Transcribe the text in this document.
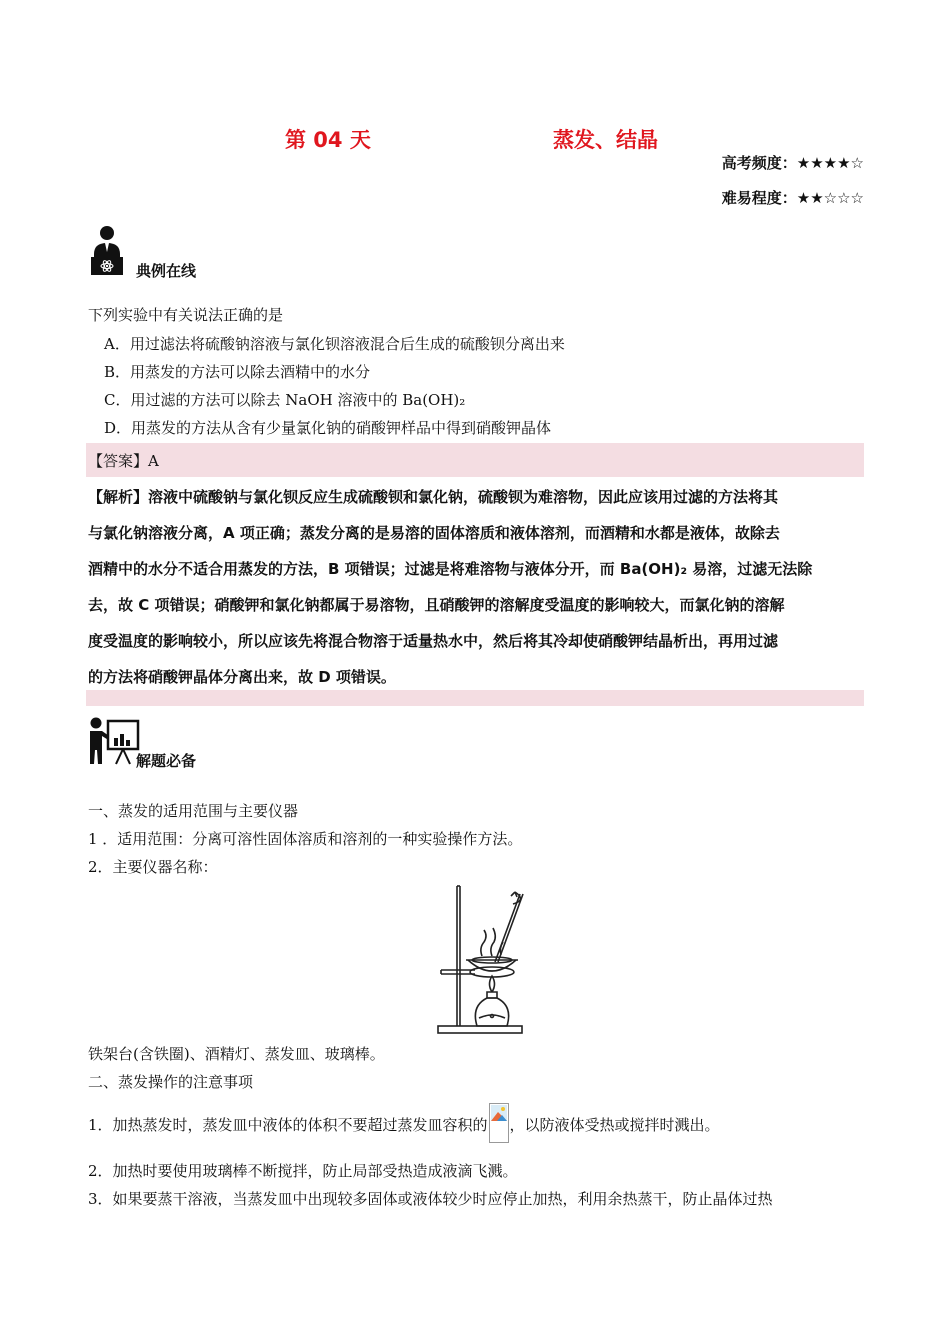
第 04 天	蒸发、结晶
高考频度：★★★★☆
难易程度：★★☆☆☆
典例在线
下列实验中有关说法正确的是
A．用过滤法将硫酸钠溶液与氯化钡溶液混合后生成的硫酸钡分离出来
B．用蒸发的方法可以除去酒精中的水分
C．用过滤的方法可以除去 NaOH 溶液中的 Ba(OH)₂
D．用蒸发的方法从含有少量氯化钠的硝酸钾样品中得到硝酸钾晶体
【答案】A

【解析】溶液中硫酸钠与氯化钡反应生成硫酸钡和氯化钠，硫酸钡为难溶物，因此应该用过滤的方法将其

与氯化钠溶液分离，A 项正确；蒸发分离的是易溶的固体溶质和液体溶剂，而酒精和水都是液体，故除去

酒精中的水分不适合用蒸发的方法，B 项错误；过滤是将难溶物与液体分开，而 Ba(OH)₂ 易溶，过滤无法除

去，故 C 项错误；硝酸钾和氯化钠都属于易溶物，且硝酸钾的溶解度受温度的影响较大，而氯化钠的溶解

度受温度的影响较小，所以应该先将混合物溶于适量热水中，然后将其冷却使硝酸钾结晶析出，再用过滤

的方法将硝酸钾晶体分离出来，故 D 项错误。

解题必备
一、蒸发的适用范围与主要仪器
1 ．适用范围：分离可溶性固体溶质和溶剂的一种实验操作方法。
2．主要仪器名称：
铁架台(含铁圈)、酒精灯、蒸发皿、玻璃棒。
二、蒸发操作的注意事项
1．加热蒸发时，蒸发皿中液体的体积不要超过蒸发皿容积的 ，以防液体受热或搅拌时溅出。
2．加热时要使用玻璃棒不断搅拌，防止局部受热造成液滴飞溅。
3．如果要蒸干溶液，当蒸发皿中出现较多固体或液体较少时应停止加热，利用余热蒸干，防止晶体过热
